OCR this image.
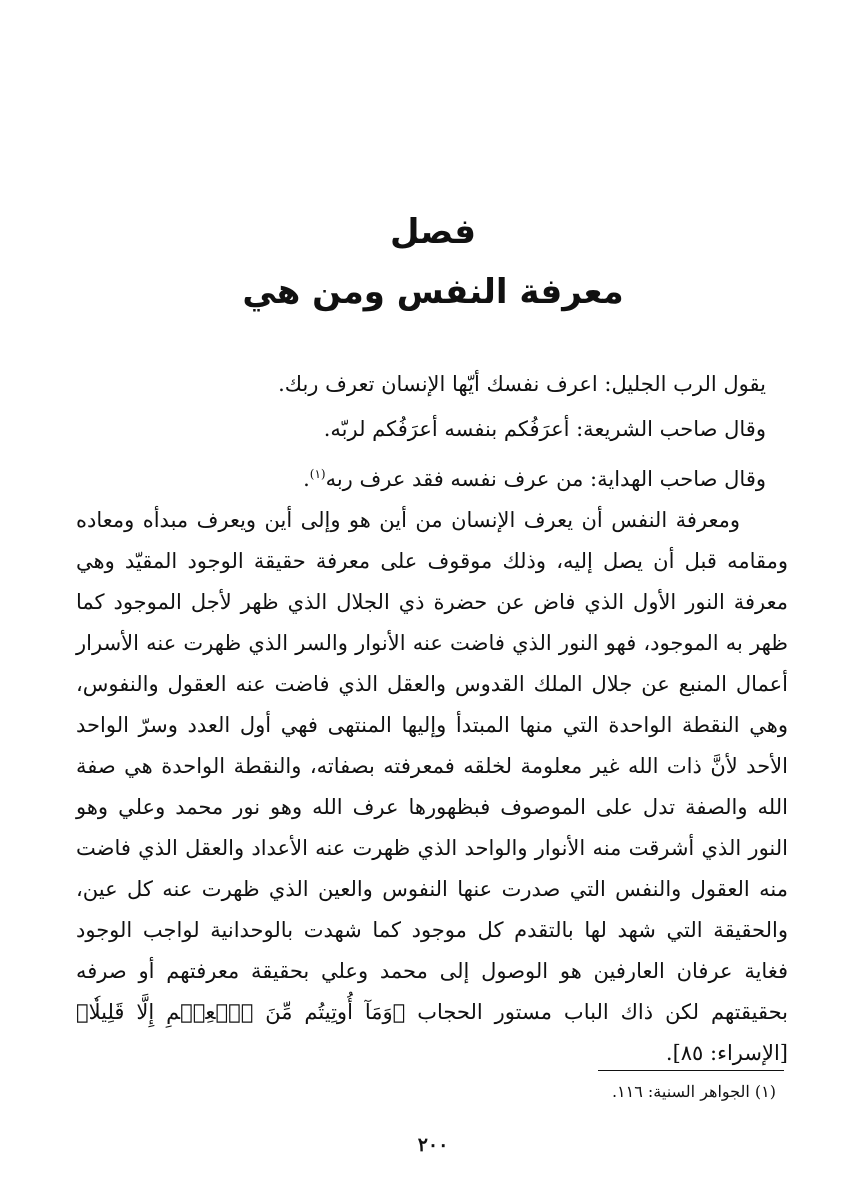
فصل
معرفة النفس ومن هي
يقول الرب الجليل: اعرف نفسك أيّها الإنسان تعرف ربك.
وقال صاحب الشريعة: أعرَفُكم بنفسه أعرَفُكم لربّه.
وقال صاحب الهداية: من عرف نفسه فقد عرف ربه$^{(١)}$.

ومعرفة النفس أن يعرف الإنسان من أين هو وإلى أين ويعرف مبدأه ومعاده ومقامه قبل أن يصل إليه، وذلك موقوف على معرفة حقيقة الوجود المقيّد وهي معرفة النور الأول الذي فاض عن حضرة ذي الجلال الذي ظهر لأجل الموجود كما ظهر به الموجود، فهو النور الذي فاضت عنه الأنوار والسر الذي ظهرت عنه الأسرار أعمال المنبع عن جلال الملك القدوس والعقل الذي فاضت عنه العقول والنفوس، وهي النقطة الواحدة التي منها المبتدأ وإليها المنتهى فهي أول العدد وسرّ الواحد الأحد لأنَّ ذات الله غير معلومة لخلقه فمعرفته بصفاته، والنقطة الواحدة هي صفة الله والصفة تدل على الموصوف فبظهورها عرف الله وهو نور محمد وعلي وهو النور الذي أشرقت منه الأنوار والواحد الذي ظهرت عنه الأعداد والعقل الذي فاضت منه العقول والنفس التي صدرت عنها النفوس والعين الذي ظهرت عنه كل عين، والحقيقة التي شهد لها بالتقدم كل موجود كما شهدت بالوحدانية لواجب الوجود فغاية عرفان العارفين هو الوصول إلى محمد وعلي بحقيقة معرفتهم أو صرفه بحقيقتهم لكن ذاك الباب مستور الحجاب ﴿وَمَآ أُوتِيتُم مِّنَ ٱلۡعِلۡمِ إِلَّا قَلِيلٗا﴾ [الإسراء: ٨٥].

(١) الجواهر السنية: ١١٦.
٢٠٠
